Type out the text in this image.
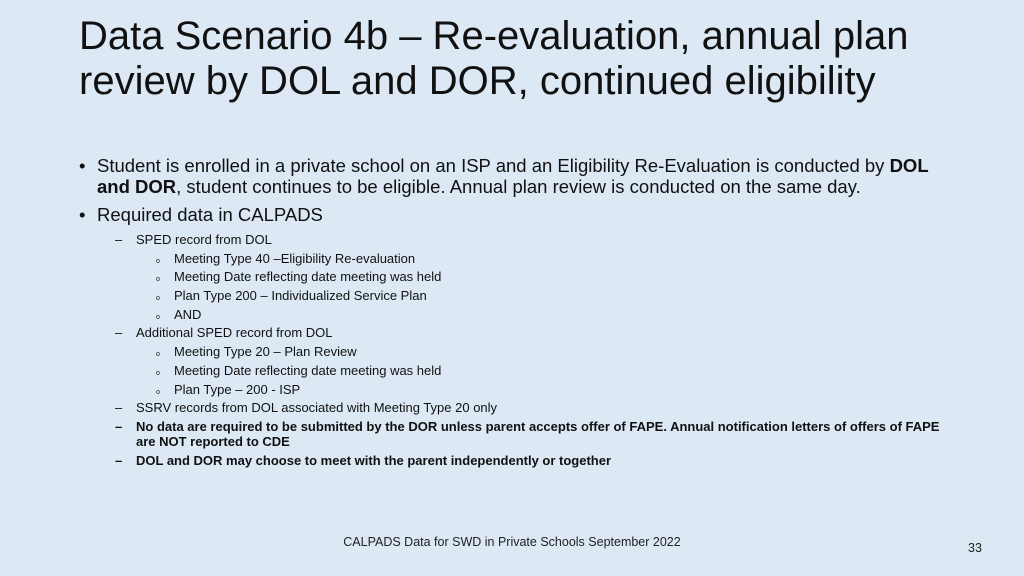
Data Scenario 4b – Re-evaluation, annual plan review by DOL and DOR, continued eligibility
• Student is enrolled in a private school on an ISP and an Eligibility Re-Evaluation is conducted by DOL and DOR, student continues to be eligible. Annual plan review is conducted on the same day.
• Required data in CALPADS
– SPED record from DOL
o Meeting Type 40 –Eligibility Re-evaluation
o Meeting Date reflecting date meeting was held
o Plan Type 200 – Individualized Service Plan
o AND
– Additional SPED record from DOL
o Meeting Type 20 – Plan Review
o Meeting Date reflecting date meeting was held
o Plan Type – 200 - ISP
– SSRV records from DOL associated with Meeting Type 20 only
– No data are required to be submitted by the DOR unless parent accepts offer of FAPE. Annual notification letters of offers of FAPE are NOT reported to CDE
– DOL and DOR may choose to meet with the parent independently or together
CALPADS Data for SWD in Private Schools September 2022	33
